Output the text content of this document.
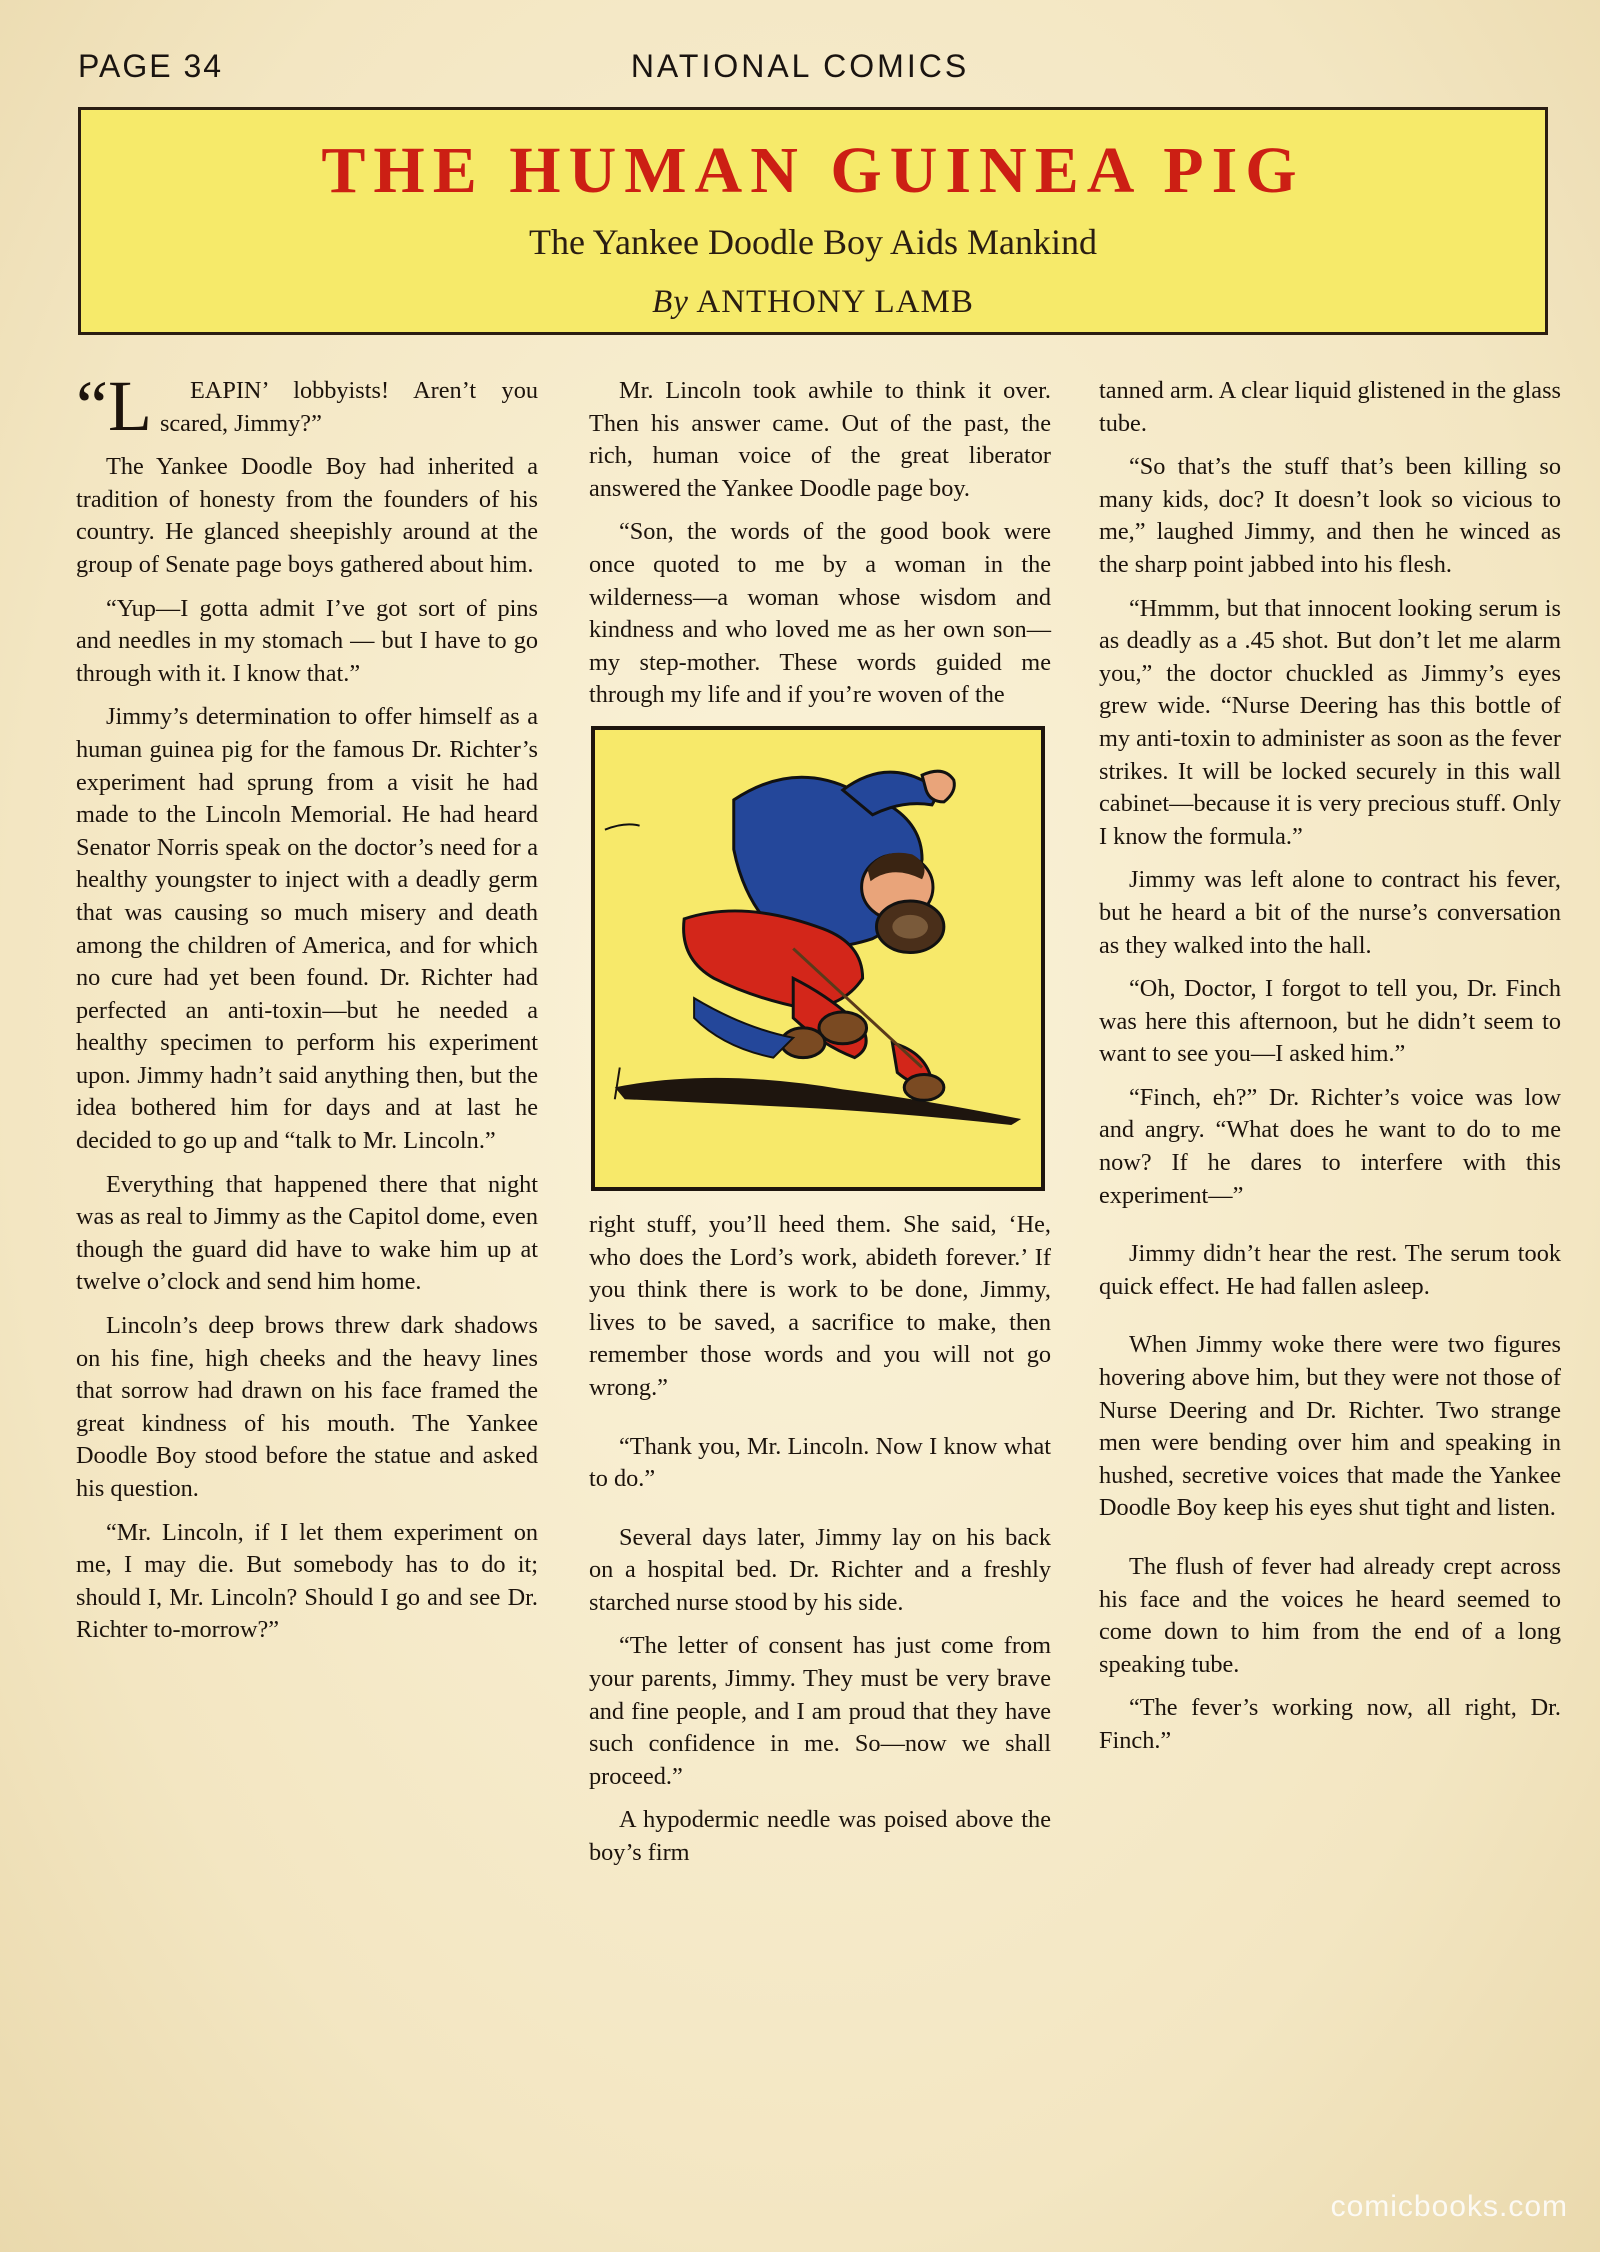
PAGE 34	NATIONAL COMICS
THE HUMAN GUINEA PIG
The Yankee Doodle Boy Aids Mankind
By ANTHONY LAMB

“L	EAPIN’ lobbyists! Aren’t you scared, Jimmy?”

The Yankee Doodle Boy had inherited a tradition of honesty from the founders of his country. He glanced sheepishly around at the group of Senate page boys gathered about him.

“Yup—I gotta admit I’ve got sort of pins and needles in my stomach — but I have to go through with it. I know that.”

Jimmy’s determination to offer himself as a human guinea pig for the famous Dr. Richter’s experiment had sprung from a visit he had made to the Lincoln Memorial. He had heard Senator Norris speak on the doctor’s need for a healthy youngster to inject with a deadly germ that was causing so much misery and death among the children of America, and for which no cure had yet been found. Dr. Richter had perfected an anti-toxin—but he needed a healthy specimen to perform his experiment upon. Jimmy hadn’t said anything then, but the idea bothered him for days and at last he decided to go up and “talk to Mr. Lincoln.”

Everything that happened there that night was as real to Jimmy as the Capitol dome, even though the guard did have to wake him up at twelve o’clock and send him home.

Lincoln’s deep brows threw dark shadows on his fine, high cheeks and the heavy lines that sorrow had drawn on his face framed the great kindness of his mouth. The Yankee Doodle Boy stood before the statue and asked his question.

“Mr. Lincoln, if I let them experiment on me, I may die. But somebody has to do it; should I, Mr. Lincoln? Should I go and see Dr. Richter to-morrow?”

Mr. Lincoln took awhile to think it over. Then his answer came. Out of the past, the rich, human voice of the great liberator answered the Yankee Doodle page boy.

“Son, the words of the good book were once quoted to me by a woman in the wilderness—a woman whose wisdom and kindness and who loved me as her own son—my step-mother. These words guided me through my life and if you’re woven of the

right stuff, you’ll heed them. She said, ‘He, who does the Lord’s work, abideth forever.’ If you think there is work to be done, Jimmy, lives to be saved, a sacrifice to make, then remember those words and you will not go wrong.”

“Thank you, Mr. Lincoln. Now I know what to do.”

Several days later, Jimmy lay on his back on a hospital bed. Dr. Richter and a freshly starched nurse stood by his side.

“The letter of consent has just come from your parents, Jimmy. They must be very brave and fine people, and I am proud that they have such confidence in me. So—now we shall proceed.”

A hypodermic needle was poised above the boy’s firm

tanned arm. A clear liquid glistened in the glass tube.

“So that’s the stuff that’s been killing so many kids, doc? It doesn’t look so vicious to me,” laughed Jimmy, and then he winced as the sharp point jabbed into his flesh.

“Hmmm, but that innocent looking serum is as deadly as a .45 shot. But don’t let me alarm you,” the doctor chuckled as Jimmy’s eyes grew wide. “Nurse Deering has this bottle of my anti-toxin to administer as soon as the fever strikes. It will be locked securely in this wall cabinet—because it is very precious stuff. Only I know the formula.”

Jimmy was left alone to contract his fever, but he heard a bit of the nurse’s conversation as they walked into the hall.

“Oh, Doctor, I forgot to tell you, Dr. Finch was here this afternoon, but he didn’t seem to want to see you—I asked him.”

“Finch, eh?” Dr. Richter’s voice was low and angry. “What does he want to do to me now? If he dares to interfere with this experiment—”

Jimmy didn’t hear the rest. The serum took quick effect. He had fallen asleep.

When Jimmy woke there were two figures hovering above him, but they were not those of Nurse Deering and Dr. Richter. Two strange men were bending over him and speaking in hushed, secretive voices that made the Yankee Doodle Boy keep his eyes shut tight and listen.

The flush of fever had already crept across his face and the voices he heard seemed to come down to him from the end of a long speaking tube.

“The fever’s working now, all right, Dr. Finch.”

comicbooks.com
